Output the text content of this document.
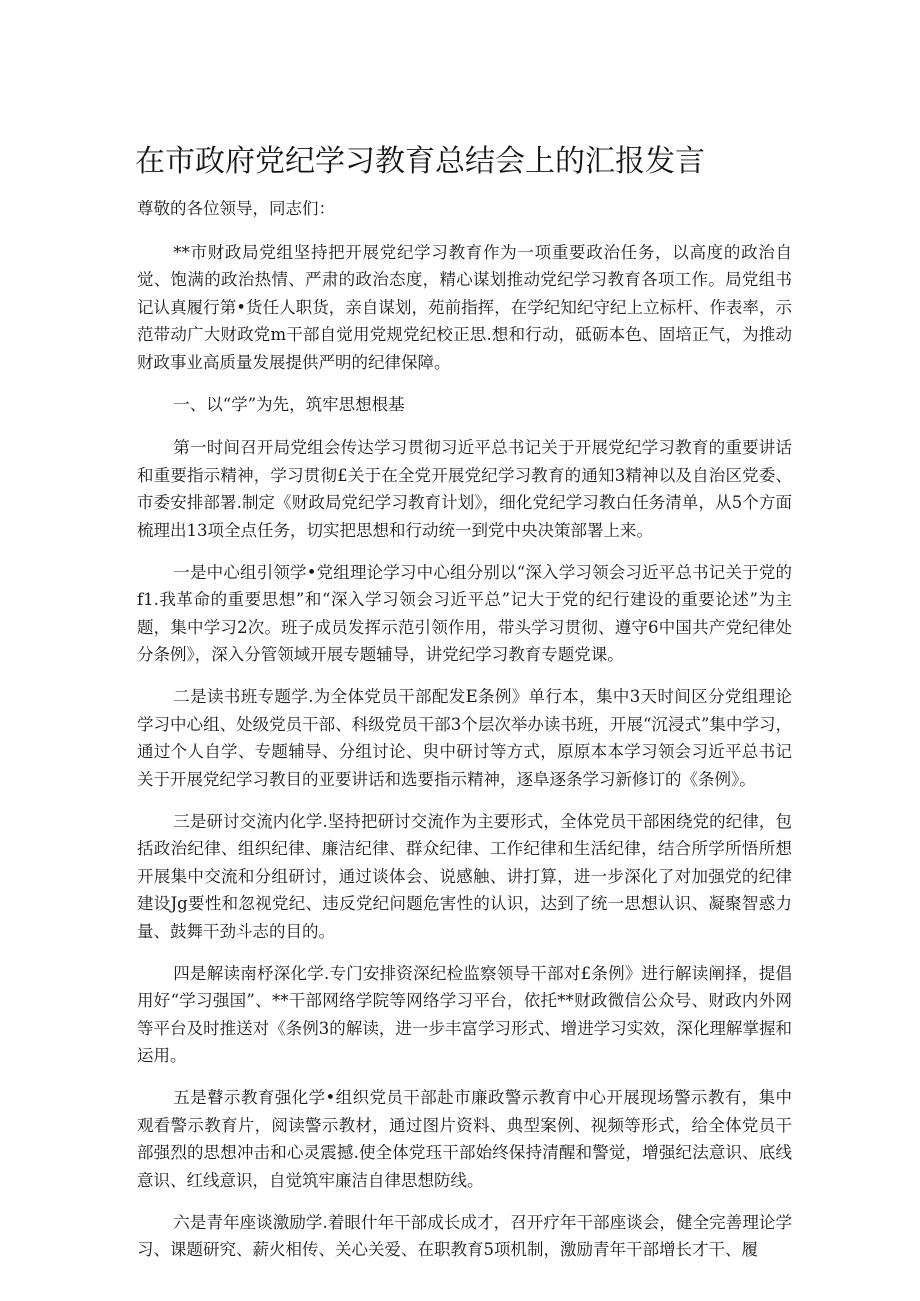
在市政府党纪学习教育总结会上的汇报发言

尊敬的各位领导，同志们：

**市财政局党组坚持把开展党纪学习教育作为一项重要政治任务，以高度的政治自觉、饱满的政治热情、严肃的政治态度，精心谋划推动党纪学习教育各项工作。局党组书记认真履行第•货任人职货，亲自谋划，苑前指挥，在学纪知纪守纪上立标杆、作表率，示范带动广大财政党m干部自觉用党规党纪校正思.想和行动，砥砺本色、固培正气，为推动财政事业高质量发展提供严明的纪律保障。

一、以“学”为先，筑牢思想根基

第一时间召开局党组会传达学习贯彻习近平总书记关于开展党纪学习教育的重要讲话和重要指示精神，学习贯彻£关于在全党开展党纪学习教育的通知3精神以及自治区党委、市委安排部署.制定《财政局党纪学习教育计划》，细化党纪学习教白任务清单，从5个方面梳理出13项全点任务，切实把思想和行动统一到党中央决策部署上来。

一是中心组引领学•党组理论学习中心组分别以“深入学习领会习近平总书记关于党的f1.我革命的重要思想”和“深入学习领会习近平总”记大于党的纪行建设的重要论述”为主题，集中学习2次。班子成员发挥示范引领作用，带头学习贯彻、遵守6中国共产党纪律处分条例》，深入分管领域开展专题辅导，讲党纪学习教育专题党课。

二是读书班专题学.为全体党员干部配发E条例》单行本，集中3天时间区分党组理论学习中心组、处级党员干部、科级党员干部3个层次举办读书班，开展“沉浸式”集中学习，通过个人自学、专题辅导、分组讨论、臾中研讨等方式，原原本本学习领会习近平总书记关于开展党纪学习教目的亚要讲话和选要指示精神，逐阜逐条学习新修订的《条例》。

三是研讨交流内化学.坚持把研讨交流作为主要形式，全体党员干部困绕党的纪律，包括政治纪律、组织纪律、廉洁纪律、群众纪律、工作纪律和生活纪律，结合所学所悟所想开展集中交流和分组研讨，通过谈体会、说感触、讲打算，进一步深化了对加强党的纪律建设Jg要性和忽视党纪、违反党纪问题危害性的认识，达到了统一思想认识、凝聚智惑力量、鼓舞干劲斗志的目的。

四是解读南杼深化学.专门安排资深纪检监察领导干部对£条例》进行解读阐择，提倡用好“学习强国”、**干部网络学院等网络学习平台，依托**财政微信公众号、财政内外网等平台及时推送对《条例3的解读，进一步丰富学习形式、增进学习实效，深化理解掌握和运用。

五是瞽示教育强化学•组织党员干部赴市廉政警示教育中心开展现场警示教有，集中观看警示教育片，阅读警示教材，通过图片资料、典型案例、视频等形式，给全体党员干部强烈的思想冲击和心灵震撼.使全体党珏干部始终保持清醒和警觉，增强纪法意识、底线意识、红线意识，自觉筑牢廉洁自律思想防线。

六是青年座谈激励学.着眼什年干部成长成才，召开疗年干部座谈会，健全完善理论学习、课题研究、薪火相传、关心关爱、在职教育5项机制，激励青年干部增长才干、履
